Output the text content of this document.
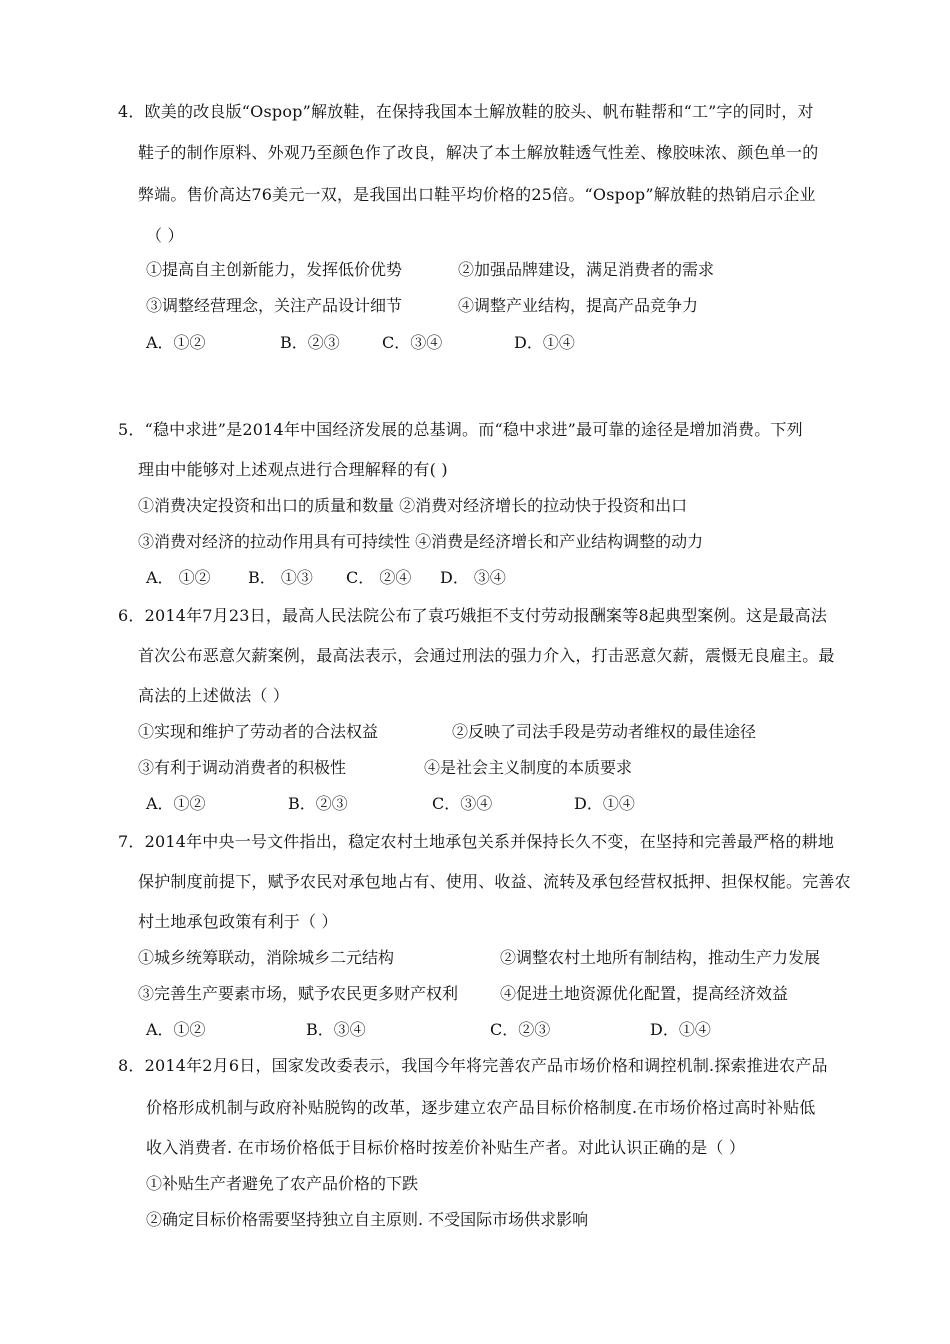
4．欧美的改良版“Ospop”解放鞋，在保持我国本土解放鞋的胶头、帆布鞋帮和“工”字的同时，对
鞋子的制作原料、外观乃至颜色作了改良，解决了本土解放鞋透气性差、橡胶味浓、颜色单一的
弊端。售价高达76美元一双，是我国出口鞋平均价格的25倍。“Ospop”解放鞋的热销启示企业
（ ）
①提高自主创新能力，发挥低价优势	②加强品牌建设，满足消费者的需求
③调整经营理念，关注产品设计细节	④调整产业结构，提高产品竞争力
A．①②	B．②③	C．③④	D．①④
5．“稳中求进”是2014年中国经济发展的总基调。而“稳中求进”最可靠的途径是增加消费。下列
理由中能够对上述观点进行合理解释的有( )
①消费决定投资和出口的质量和数量 ②消费对经济增长的拉动快于投资和出口
③消费对经济的拉动作用具有可持续性 ④消费是经济增长和产业结构调整的动力
A． ①② B． ①③ C． ②④ D． ③④
6．2014年7月23日，最高人民法院公布了袁巧娥拒不支付劳动报酬案等8起典型案例。这是最高法
首次公布恶意欠薪案例，最高法表示，会通过刑法的强力介入，打击恶意欠薪，震慑无良雇主。最
高法的上述做法（ ）
①实现和维护了劳动者的合法权益	②反映了司法手段是劳动者维权的最佳途径
③有利于调动消费者的积极性	④是社会主义制度的本质要求
A．①②	B．②③	C．③④	D．①④
7．2014年中央一号文件指出，稳定农村土地承包关系并保持长久不变，在坚持和完善最严格的耕地
保护制度前提下，赋予农民对承包地占有、使用、收益、流转及承包经营权抵押、担保权能。完善农
村土地承包政策有利于（ ）
①城乡统筹联动，消除城乡二元结构	②调整农村土地所有制结构，推动生产力发展
③完善生产要素市场，赋予农民更多财产权利	④促进土地资源优化配置，提高经济效益
A．①②	B．③④	C．②③	D．①④
8．2014年2月6日，国家发改委表示，我国今年将完善农产品市场价格和调控机制.探索推进农产品
价格形成机制与政府补贴脱钩的改革，逐步建立农产品目标价格制度.在市场价格过高时补贴低
收入消费者. 在市场价格低于目标价格时按差价补贴生产者。对此认识正确的是（ ）
①补贴生产者避免了农产品价格的下跌
②确定目标价格需要坚持独立自主原则. 不受国际市场供求影响
